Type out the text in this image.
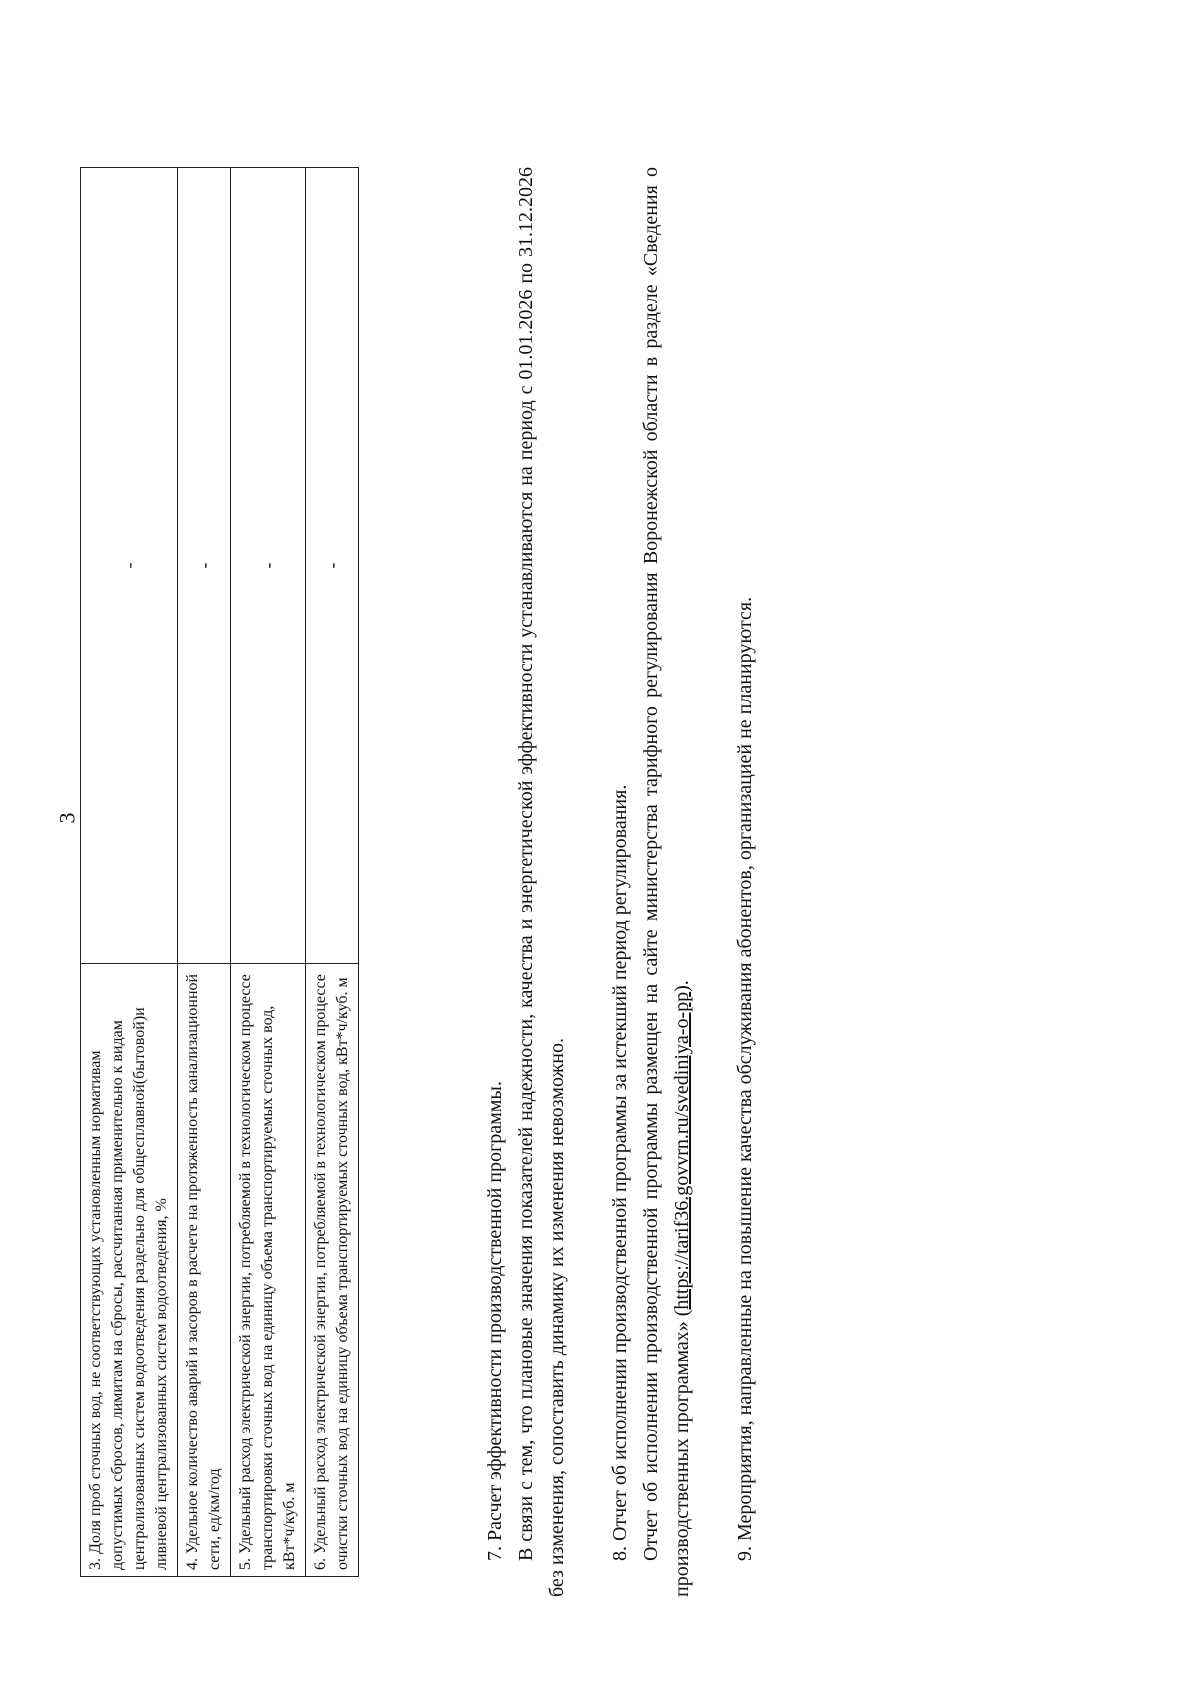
3
3. Доля проб сточных вод, не соответствующих установленным нормативам допустимых сбросов, лимитам на сбросы, рассчитанная применительно к видам централизованных систем водоотведения раздельно для общесплавной(бытовой)и ливневой централизованных систем водоотведения, %	-
4. Удельное количество аварий и засоров в расчете на протяженность канализационной сети, ед/км/год	-
5. Удельный расход электрической энергии, потребляемой в технологическом процессе транспортировки сточных вод на единицу объема транспортируемых сточных вод, кВт*ч/куб. м	-
6. Удельный расход электрической энергии, потребляемой в технологическом процессе очистки сточных вод на единицу объема транспортируемых сточных вод, кВт*ч/куб. м	-

7. Расчет эффективности производственной программы. В связи с тем, что плановые значения показателей надежности, качества и энергетической эффективности устанавливаются на период с 01.01.2026 по 31.12.2026 без изменения, сопоставить динамику их изменения невозможно. 8. Отчет об исполнении производственной программы за истекший период регулирования. Отчет об исполнении производственной программы размещен на сайте министерства тарифного регулирования Воронежской области в разделе «Сведения о производственных программах» (https://tarif36.govvrn.ru/svediniya-o-pp). 9. Мероприятия, направленные на повышение качества обслуживания абонентов, организацией не планируются.
